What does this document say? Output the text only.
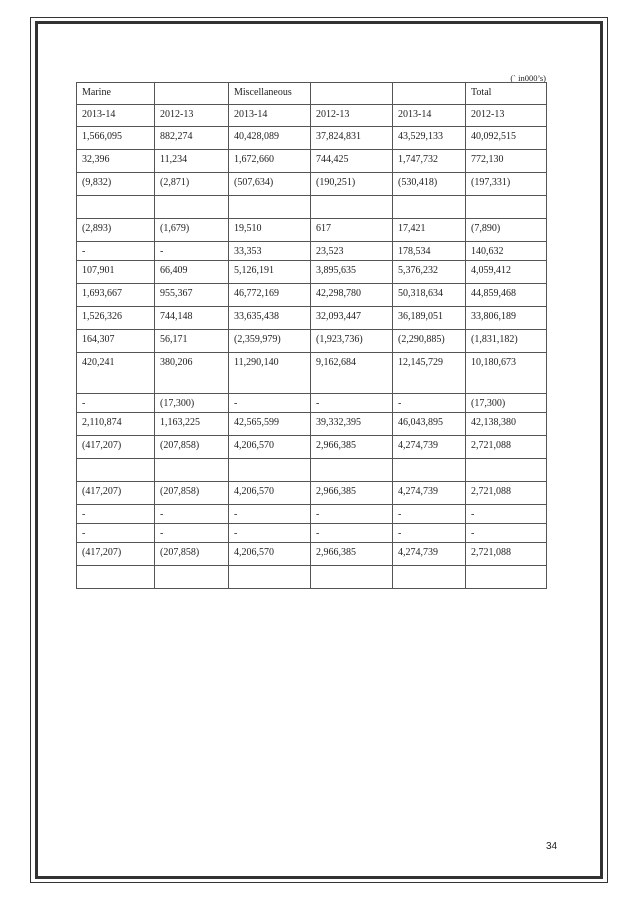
(` in000’s)
Marine		Miscellaneous			Total
2013-14	2012-13	2013-14	2012-13	2013-14	2012-13
1,566,095	882,274	40,428,089	37,824,831	43,529,133	40,092,515
32,396	11,234	1,672,660	744,425	1,747,732	772,130
(9,832)	(2,871)	(507,634)	(190,251)	(530,418)	(197,331)

(2,893)	(1,679)	19,510	617	17,421	(7,890)
-	-	33,353	23,523	178,534	140,632
107,901	66,409	5,126,191	3,895,635	5,376,232	4,059,412
1,693,667	955,367	46,772,169	42,298,780	50,318,634	44,859,468
1,526,326	744,148	33,635,438	32,093,447	36,189,051	33,806,189
164,307	56,171	(2,359,979)	(1,923,736)	(2,290,885)	(1,831,182)
420,241	380,206	11,290,140	9,162,684	12,145,729	10,180,673
-	(17,300)	-	-	-	(17,300)
2,110,874	1,163,225	42,565,599	39,332,395	46,043,895	42,138,380
(417,207)	(207,858)	4,206,570	2,966,385	4,274,739	2,721,088

(417,207)	(207,858)	4,206,570	2,966,385	4,274,739	2,721,088
-	-	-	-	-	-
-	-	-	-	-	-
(417,207)	(207,858)	4,206,570	2,966,385	4,274,739	2,721,088

34
